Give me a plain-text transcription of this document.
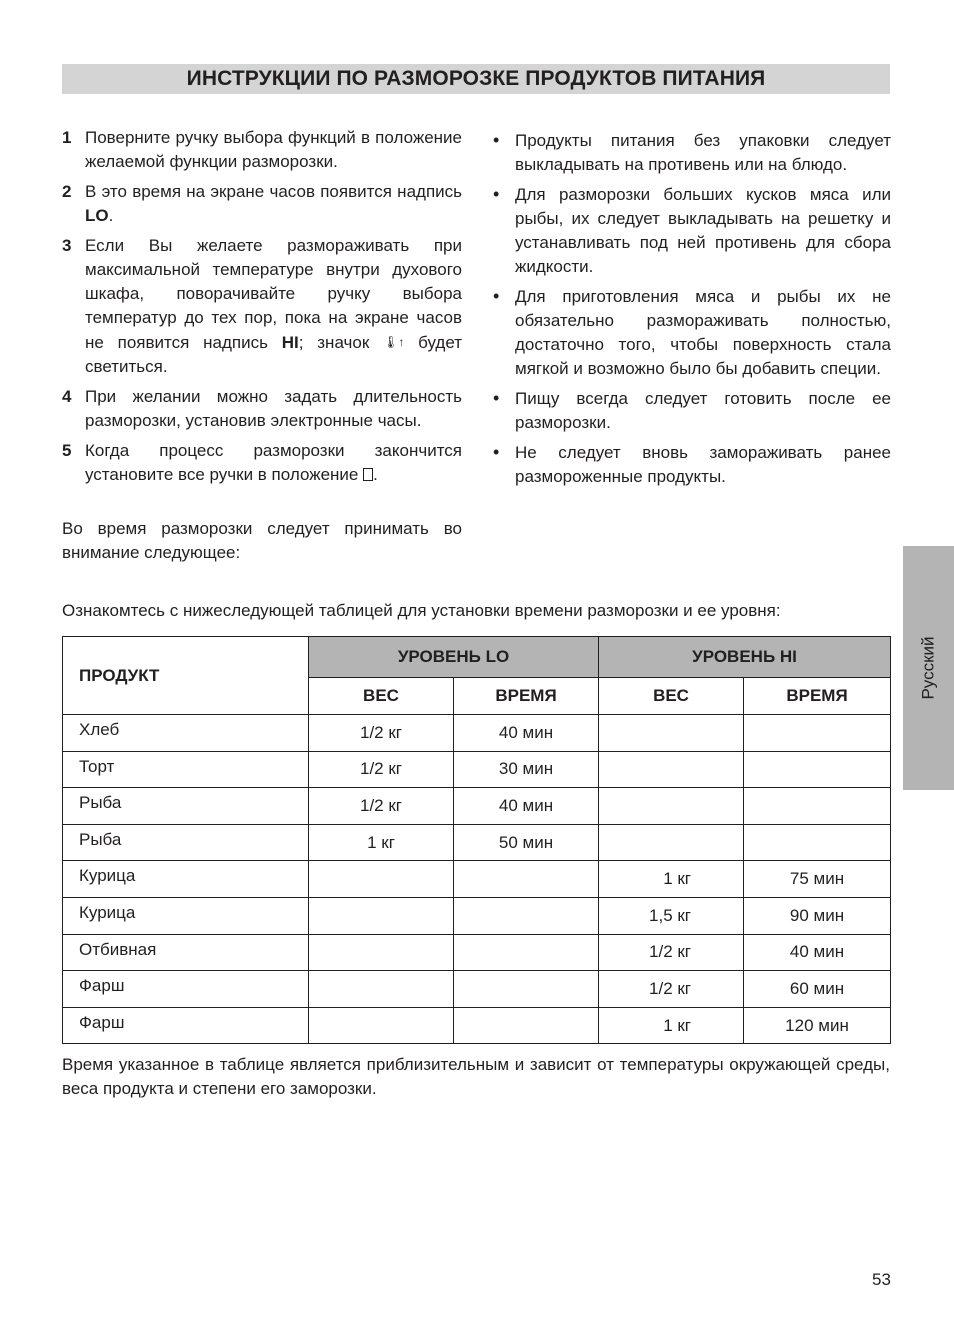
ИНСТРУКЦИИ ПО РАЗМОРОЗКЕ ПРОДУКТОВ ПИТАНИЯ
1 Поверните ручку выбора функций в положение желаемой функции разморозки.
2 В это время на экране часов появится надпись LO.
3 Если Вы желаете размораживать при максимальной температуре внутри духового шкафа, поворачивайте ручку выбора температур до тех пор, пока на экране часов не появится надпись HI; значок 🌡↑ будет светиться.
4 При желании можно задать длительность разморозки, установив электронные часы.
5 Когда процесс разморозки закончится установите все ручки в положение .

Во время разморозки следует принимать во внимание следующее:

• Продукты питания без упаковки следует выкладывать на противень или на блюдо.
• Для разморозки больших кусков мяса или рыбы, их следует выкладывать на решетку и устанавливать под ней противень для сбора жидкости.
• Для приготовления мяса и рыбы их не обязательно размораживать полностью, достаточно того, чтобы поверхность стала мягкой и возможно было бы добавить специи.
• Пищу всегда следует готовить после ее разморозки.
• Не следует вновь замораживать ранее размороженные продукты.

Ознакомтесь с нижеследующей таблицей для установки времени разморозки и ее уровня:

ПРОДУКТ	УРОВЕНЬ LO		УРОВЕНЬ HI	
	ВЕС	ВРЕМЯ	ВЕС	ВРЕМЯ
Хлеб	1/2 кг	40 мин		
Торт	1/2 кг	30 мин		
Рыба	1/2 кг	40 мин		
Рыба	1 кг	50 мин		
Курица			1 кг	75 мин
Курица			1,5 кг	90 мин
Отбивная			1/2 кг	40 мин
Фарш			1/2 кг	60 мин
Фарш			1 кг	120 мин

Время указанное в таблице является приблизительным и зависит от температуры окружающей среды, веса продукта и степени его заморозки.

Русский
53
